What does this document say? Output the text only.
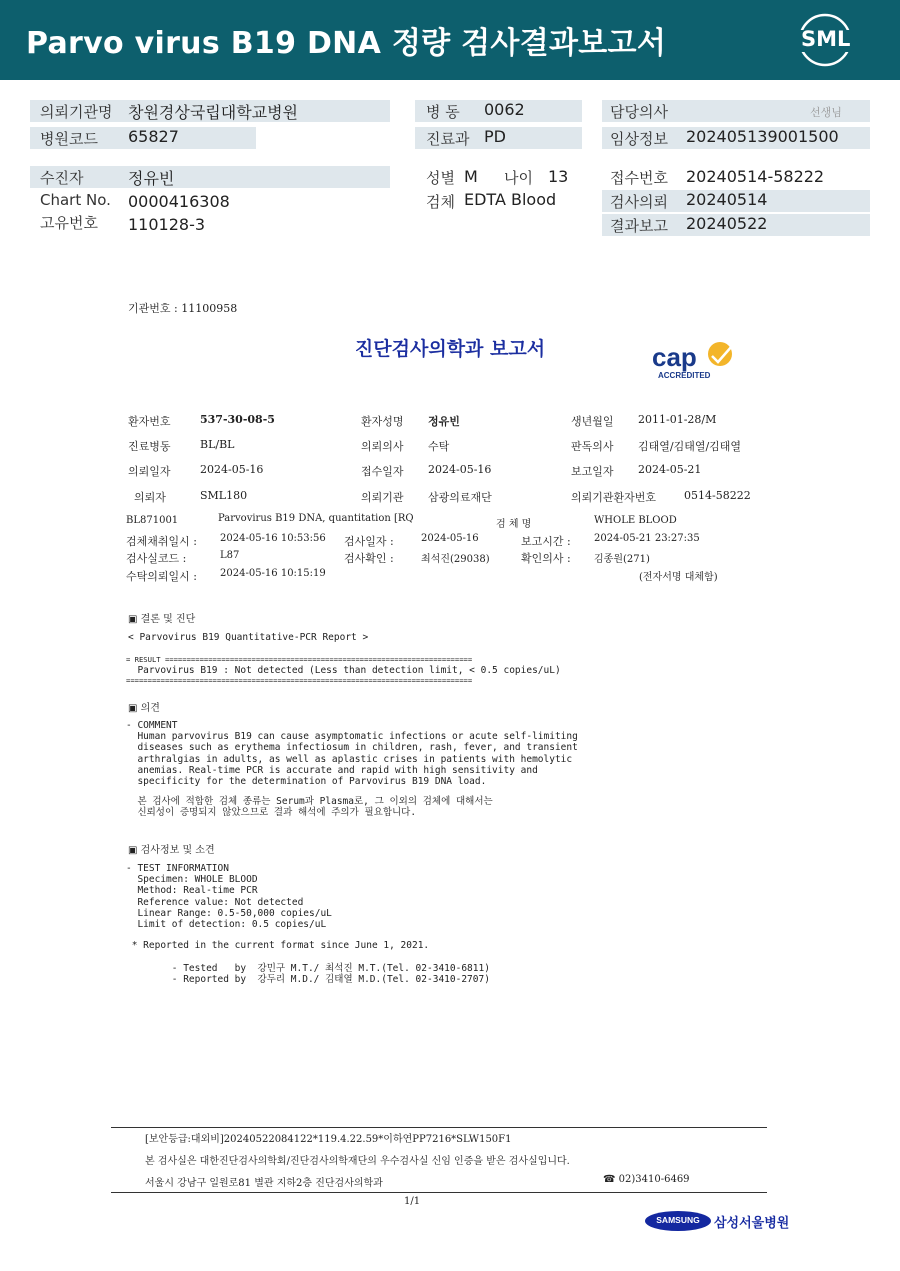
Parvo virus B19 DNA 정량 검사결과보고서	SML
의뢰기관명 창원경상국립대학교병원
병원코드 65827
병 동 0062
진료과 PD
담당의사	선생님
임상정보 202405139001500
수진자	정유빈
Chart No. 0000416308
고유번호 110128-3
성별 M 나이 13
검체 EDTA Blood
접수번호 20240514-58222
검사의뢰 20240514
결과보고 20240522
기관번호 : 11100958
진단검사의학과 보고서	cap
ACCREDITED
환자번호	537-30-08-5	환자성명 정유빈	생년월일 2011-01-28/M
진료병동	BL/BL	의뢰의사 수탁	판독의사 김태열/김태열/김태열
의뢰일자	2024-05-16	접수일자 2024-05-16	보고일자 2024-05-21
의뢰자	SML180	의뢰기관 삼광의료재단	의뢰기관환자번호	0514-58222
BL871001	Parvovirus B19 DNA, quantitation [RQ
검 체 명	WHOLE BLOOD
검체채취일시 : 2024-05-16 10:53:56 검사일자 :	2024-05-16	보고시간 : 2024-05-21 23:27:35
검사실코드 :	L87	검사확인 :	최석진(29038)	확인의사 : 김종원(271)
수탁의뢰일시 : 2024-05-16 10:15:19	(전자서명 대체함)
▣ 결론 및 진단
< Parvovirus B19 Quantitative-PCR Report >
= RESULT =======================================================================
Parvovirus B19 : Not detected (Less than detection limit, < 0.5 copies/uL)
================================================================================
▣ 의견
- COMMENT
Human parvovirus B19 can cause asymptomatic infections or acute self-limiting
diseases such as erythema infectiosum in children, rash, fever, and transient
arthralgias in adults, as well as aplastic crises in patients with hemolytic
anemias. Real-time PCR is accurate and rapid with high sensitivity and
specificity for the determination of Parvovirus B19 DNA load.
본 검사에 적합한 검체 종류는 Serum과 Plasma로, 그 이외의 검체에 대해서는
신뢰성이 증명되지 않았으므로 결과 해석에 주의가 필요합니다.
▣ 검사정보 및 소견
- TEST INFORMATION
Specimen: WHOLE BLOOD
Method: Real-time PCR
Reference value: Not detected
Linear Range: 0.5-50,000 copies/uL
Limit of detection: 0.5 copies/uL
* Reported in the current format since June 1, 2021.
- Tested   by  강민구 M.T./ 최석진 M.T.(Tel. 02-3410-6811)
- Reported by  강두리 M.D./ 김태열 M.D.(Tel. 02-3410-2707)
[보안등급:대외비]20240522084122*119.4.22.59*이하연PP7216*SLW150F1
본 검사실은 대한진단검사의학회/진단검사의학재단의 우수검사실 신임 인증을 받은 검사실입니다.
서울시 강남구 일원로81 별관 지하2층 진단검사의학과	☎ 02)3410-6469
1/1
SAMSUNG	삼성서울병원
